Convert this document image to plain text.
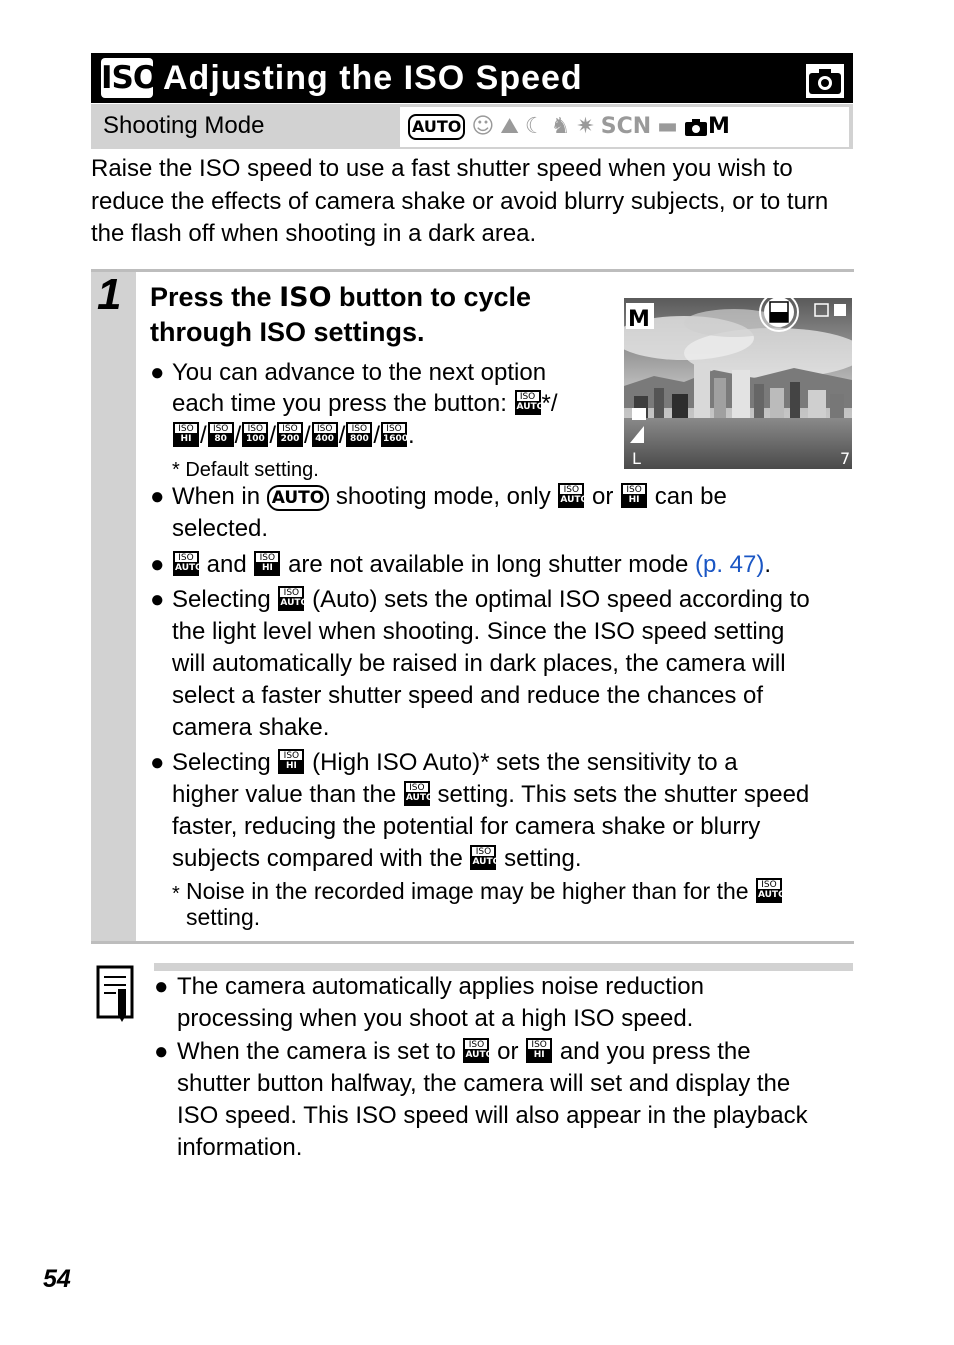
ISO Adjusting the ISO Speed
Shooting Mode	AUTO ☺ ⛰ ☾ ♞ ✷ SCN ▬ M
Raise the ISO speed to use a fast shutter speed when you wish to reduce the effects of camera shake or avoid blurry subjects, or to turn the flash off when shooting in a dark area.
1 Press the ISO button to cycle through ISO settings.	M
L	7
● You can advance to the next option
each time you press the button: ISO AUTO
*/
ISO HI / ISO 80 / ISO 100 / ISO 200 / ISO 400 / ISO 800 / ISO 1600 .
* Default setting.
● When in AUTO shooting mode, only ISO AUTO or	ISO HI can be
selected.
● ISO AUTO and	ISO HI are not available in long shutter mode (p. 47).
● Selecting ISO AUTO (Auto) sets the optimal ISO speed according to
the light level when shooting. Since the ISO speed setting
will automatically be raised in dark places, the camera will
select a faster shutter speed and reduce the chances of
camera shake.
● Selecting	ISO HI (High ISO Auto)* sets the sensitivity to a
higher value than the ISO AUTO setting. This sets the shutter speed
faster, reducing the potential for camera shake or blurry
subjects compared with the ISO AUTO setting.
* Noise in the recorded image may be higher than for the ISO AUTO
setting.
● The camera automatically applies noise reduction
processing when you shoot at a high ISO speed.
● When the camera is set to ISO AUTO or	ISO HI and you press the
shutter button halfway, the camera will set and display the
ISO speed. This ISO speed will also appear in the playback
information.
54
